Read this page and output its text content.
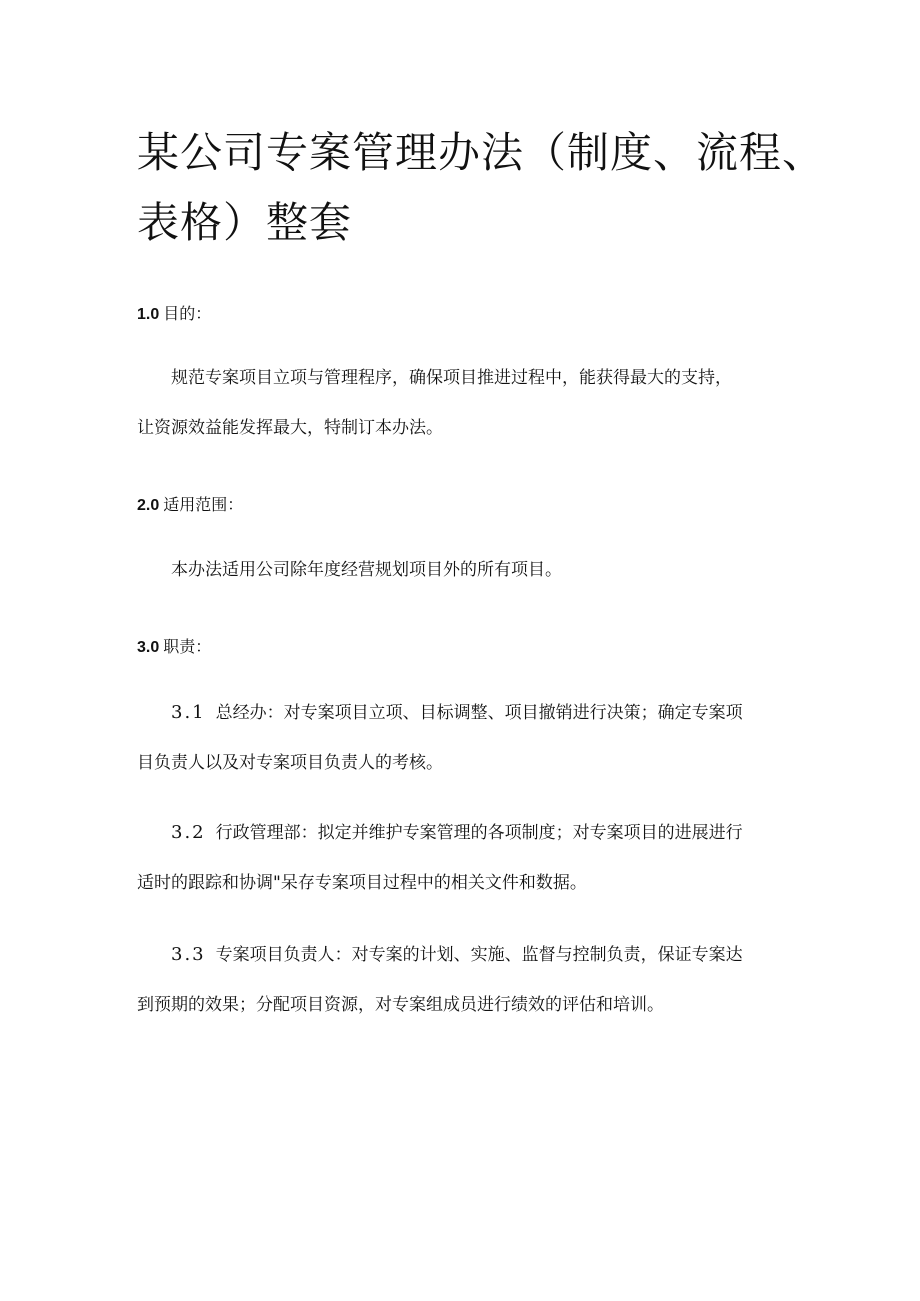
某公司专案管理办法（制度、流程、
表格）整套

1.0 目的：

规范专案项目立项与管理程序，确保项目推进过程中，能获得最大的支持，
让资源效益能发挥最大，特制订本办法。

2.0 适用范围：

本办法适用公司除年度经营规划项目外的所有项目。

3.0 职责：

3.1 总经办：对专案项目立项、目标调整、项目撤销进行决策；确定专案项
目负责人以及对专案项目负责人的考核。
3.2 行政管理部：拟定并维护专案管理的各项制度；对专案项目的进展进行
适时的跟踪和协调"呆存专案项目过程中的相关文件和数据。
3.3 专案项目负责人：对专案的计划、实施、监督与控制负责，保证专案达
到预期的效果；分配项目资源，对专案组成员进行绩效的评估和培训。
